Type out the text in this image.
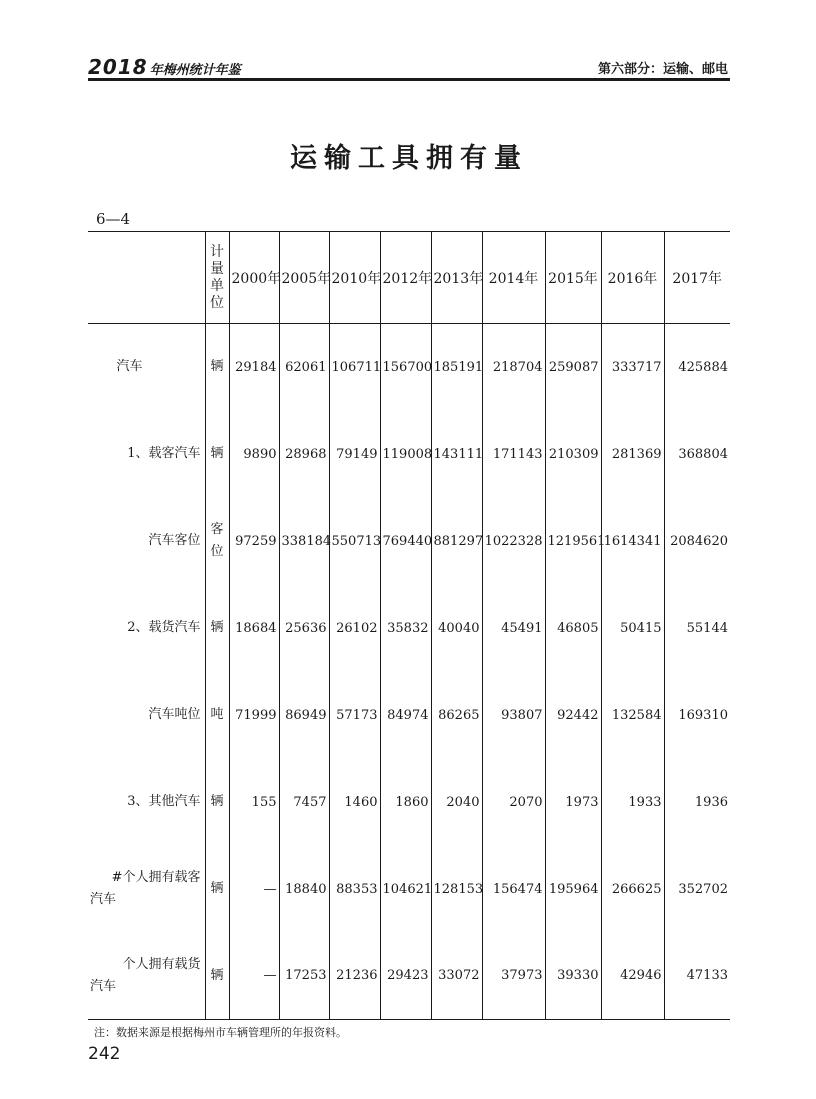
2018 年梅州统计年鉴	第六部分：运输、邮电
运输工具拥有量
6—4
	计量单位	2000年	2005年	2010年	2012年	2013年	2014年	2015年	2016年	2017年
汽车	辆	29184	62061	106711	156700	185191	218704	259087	333717	425884
1、载客汽车	辆	9890	28968	79149	119008	143111	171143	210309	281369	368804
汽车客位	客位	97259	338184	550713	769440	881297	1022328	1219561	1614341	2084620
2、载货汽车	辆	18684	25636	26102	35832	40040	45491	46805	50415	55144
汽车吨位	吨	71999	86949	57173	84974	86265	93807	92442	132584	169310
3、其他汽车	辆	155	7457	1460	1860	2040	2070	1973	1933	1936

#个人拥有载客
汽车	辆	—	18840	88353	104621	128153	156474	195964	266625	352702

个人拥有载货
汽车	辆	—	17253	21236	29423	33072	37973	39330	42946	47133
注：数据来源是根据梅州市车辆管理所的年报资料。
242
